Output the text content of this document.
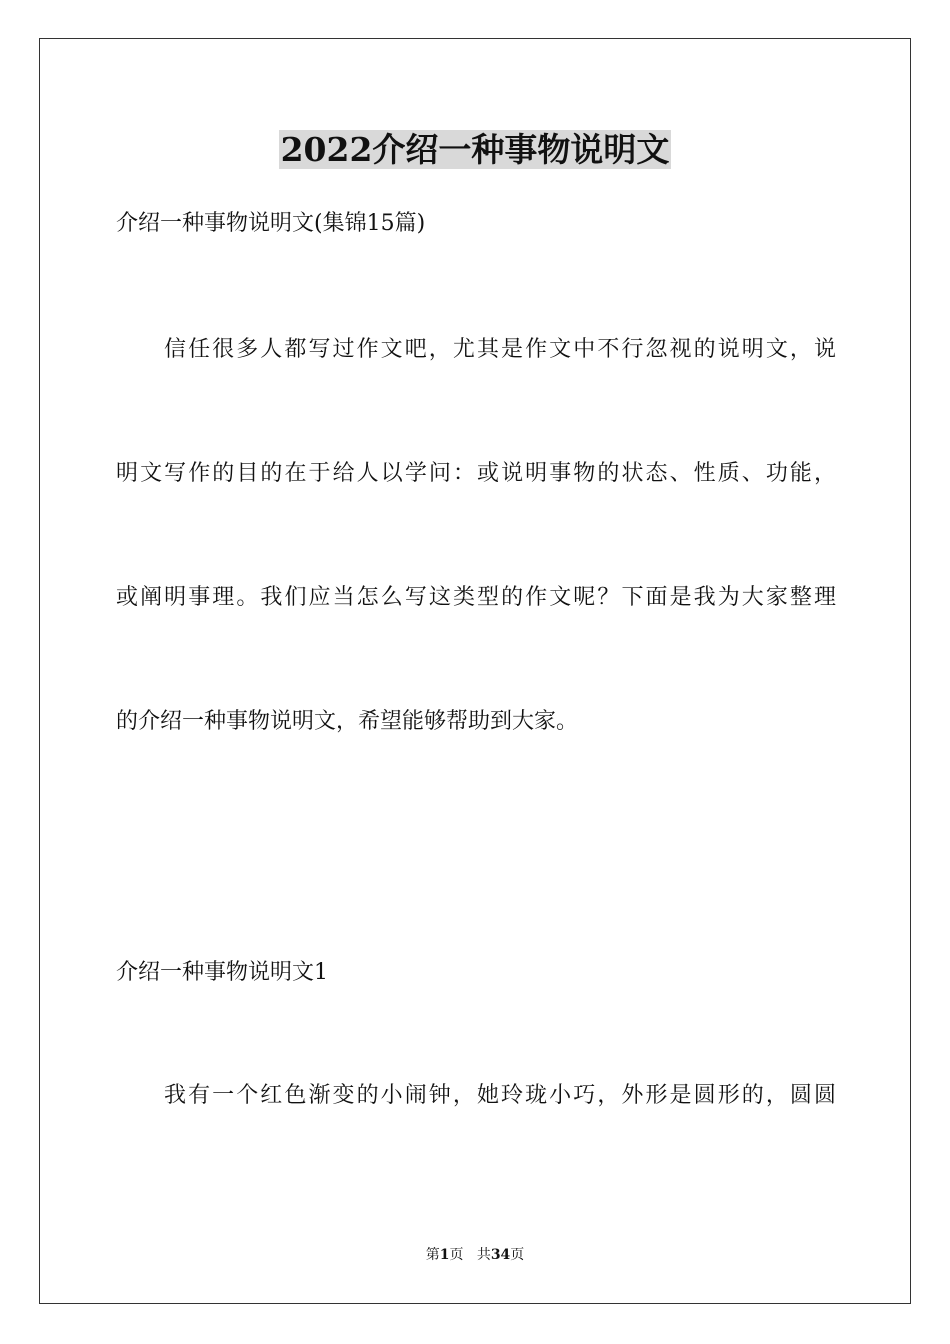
2022介绍一种事物说明文

介绍一种事物说明文(集锦15篇)

信任很多人都写过作文吧，尤其是作文中不行忽视的说明文，说

明文写作的目的在于给人以学问：或说明事物的状态、性质、功能，

或阐明事理。我们应当怎么写这类型的作文呢？下面是我为大家整理

的介绍一种事物说明文，希望能够帮助到大家。

介绍一种事物说明文1

我有一个红色渐变的小闹钟，她玲珑小巧，外形是圆形的，圆圆

第1页 共34页
